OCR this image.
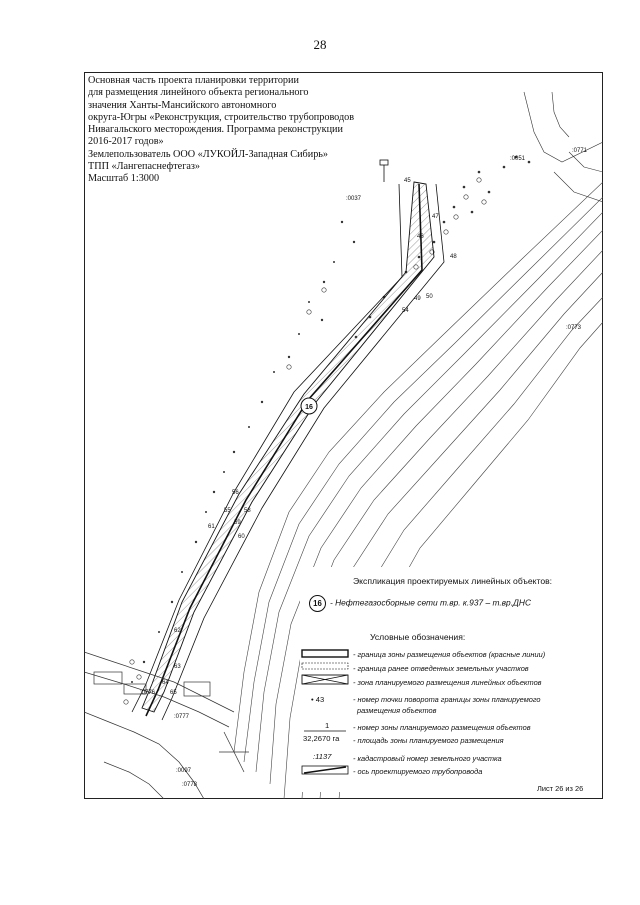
28
16
:0037
:0051
:0771
:0773
:0776
:0777
:0097
:0778
45
46
47
48
49 50
54
55
56
58
59
60
61
62
63
64
65
Основная часть проекта планировки территории
для размещения линейного объекта регионального
значения Ханты-Мансийского автономного
округа-Югры «Реконструкция, строительство трубопроводов
Нивагальского месторождения. Программа реконструкции
2016-2017 годов»
Землепользователь ООО «ЛУКОЙЛ-Западная Сибирь»
ТПП «Лангепаснефтегаз»
Масштаб 1:3000
Экспликация проектируемых линейных объектов:
16 - Нефтегазосборные сети т.вр. к.937 – т.вр.ДНС
Условные обозначения:
• 43
1
32,2670 га
:1137
- граница зоны размещения объектов (красные линии)
- граница ранее отведенных земельных участков
- зона планируемого размещения линейных объектов
- номер точки поворота границы зоны планируемого
размещения объектов
- номер зоны планируемого размещения объектов
- площадь зоны планируемого размещения
- кадастровый номер земельного участка
- ось проектируемого трубопровода
Лист 26 из 26
